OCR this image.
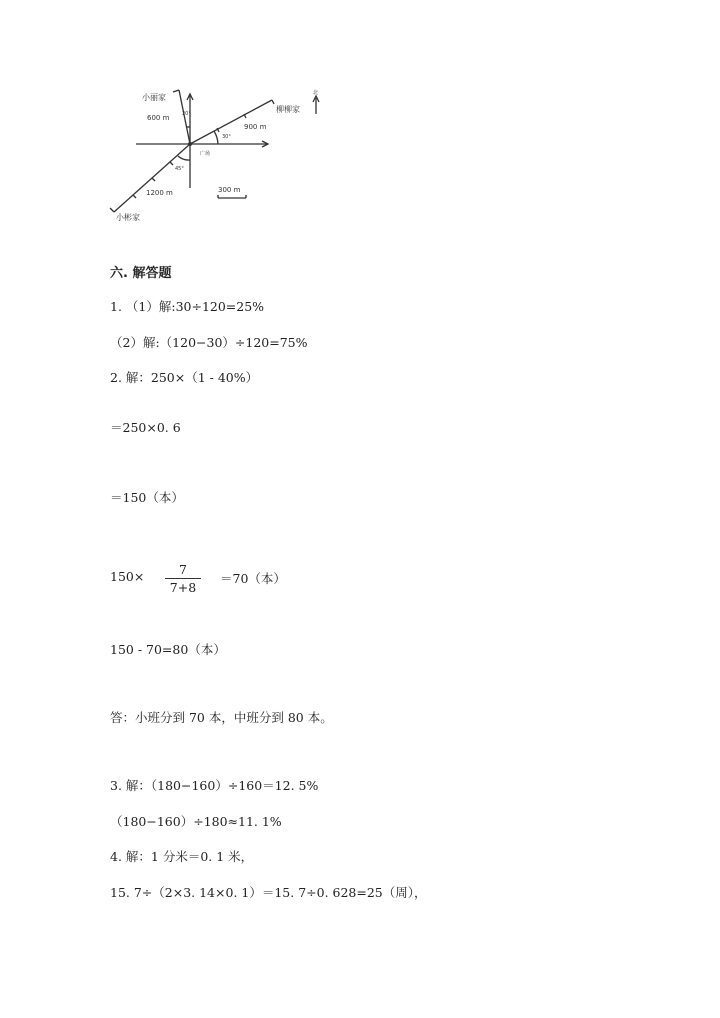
小丽家
600 m	20°	柳柳家
900 m
30°
广场
45°
1200 m	300 m
小彬家
北
六. 解答题
1. （1）解:30÷120=25%
（2）解:（120−30）÷120=75%
2. 解：250×（1 - 40%）
＝250×0. 6
＝150（本）
150×	7
7+8
＝70（本）
150 - 70=80（本）
答：小班分到 70 本，中班分到 80 本。
3. 解：（180−160）÷160＝12. 5%
（180−160）÷180≈11. 1%
4. 解：1 分米＝0. 1 米，
15. 7÷（2×3. 14×0. 1）＝15. 7÷0. 628=25（周），
